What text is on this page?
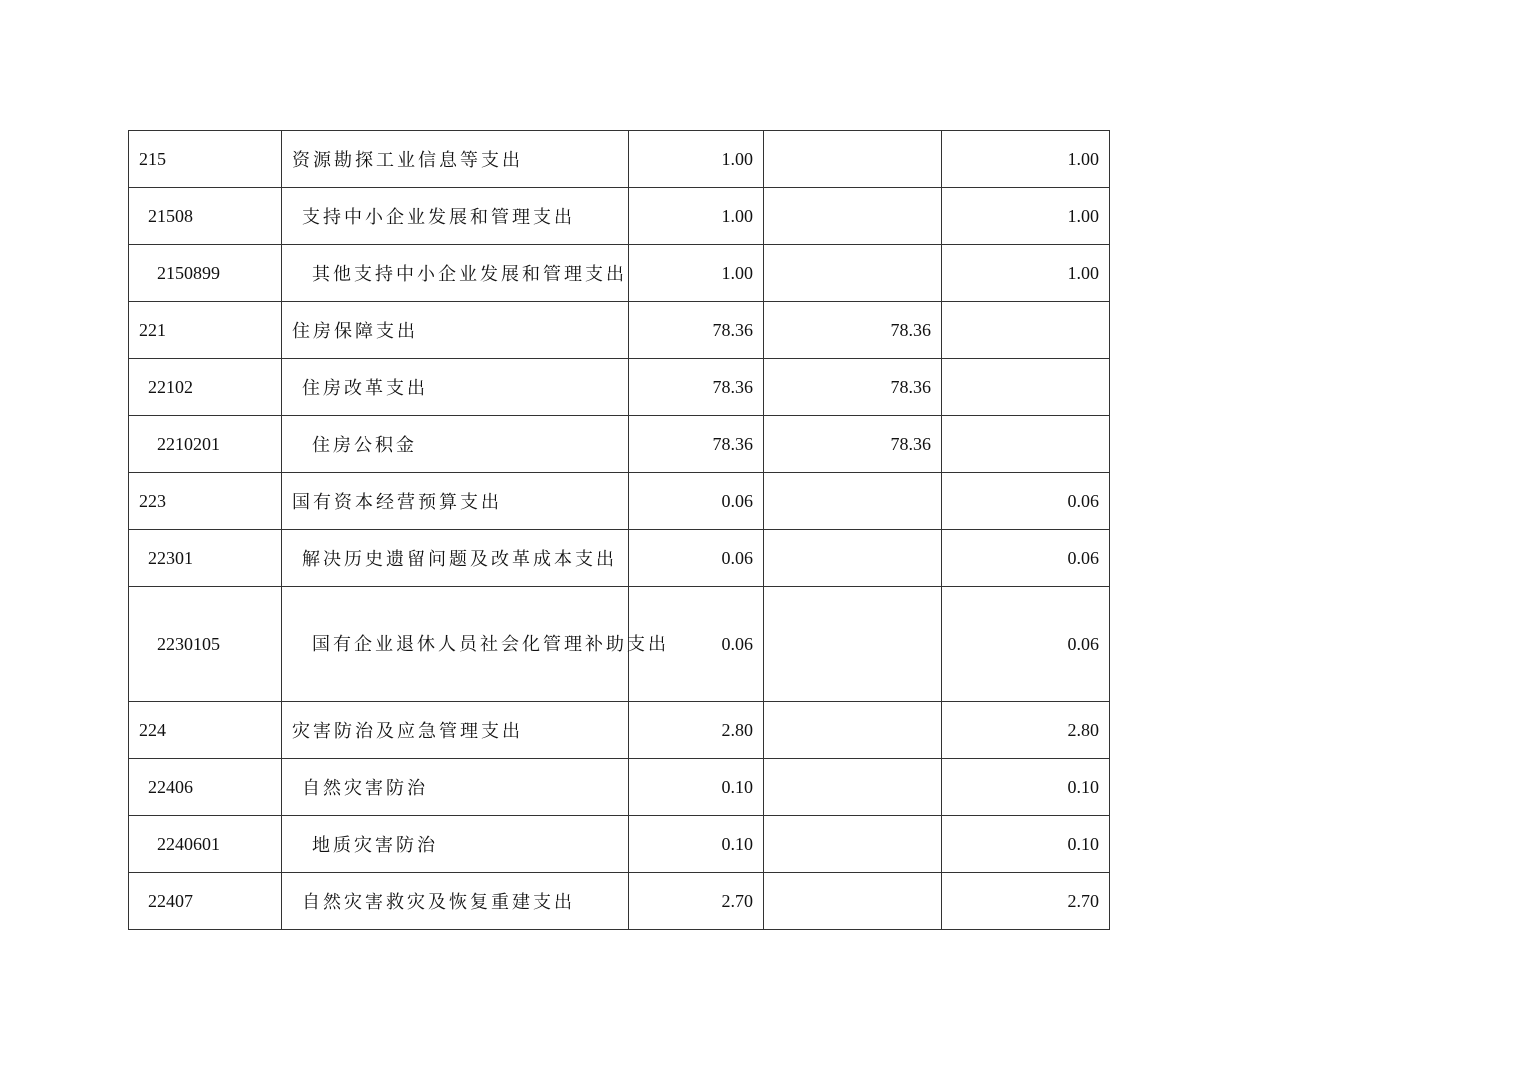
215	资源勘探工业信息等支出	1.00		1.00
21508	支持中小企业发展和管理支出	1.00		1.00
2150899	其他支持中小企业发展和管理支出	1.00		1.00
221	住房保障支出	78.36	78.36	
22102	住房改革支出	78.36	78.36	
2210201	住房公积金	78.36	78.36	
223	国有资本经营预算支出	0.06		0.06
22301	解决历史遗留问题及改革成本支出	0.06		0.06
2230105	国有企业退休人员社会化管理补助支出	0.06		0.06
224	灾害防治及应急管理支出	2.80		2.80
22406	自然灾害防治	0.10		0.10
2240601	地质灾害防治	0.10		0.10
22407	自然灾害救灾及恢复重建支出	2.70		2.70
